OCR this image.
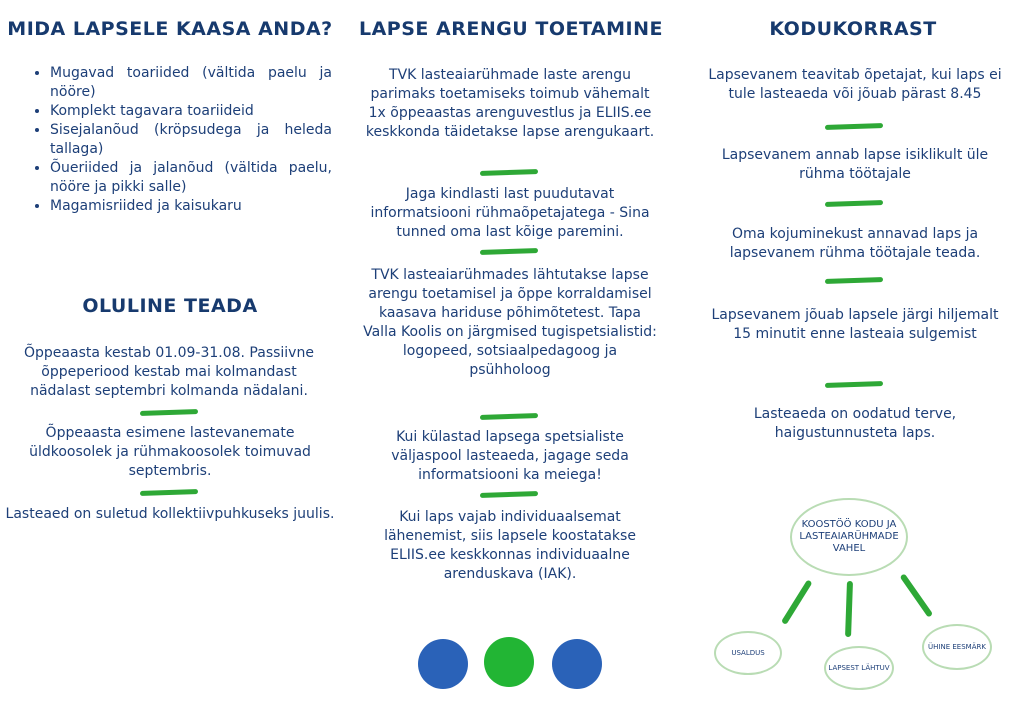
MIDA LAPSELE KAASA ANDA?
• Mugavad toariided (vältida paelu ja nööre)
• Komplekt tagavara toariideid
• Sisejalanõud (kröpsudega ja heleda tallaga)
• Õueriided ja jalanõud (vältida paelu, nööre ja pikki salle)
• Magamisriided ja kaisukaru
OLULINE TEADA

Õppeaasta kestab 01.09-31.08. Passiivne õppeperiood kestab mai kolmandast nädalast septembri kolmanda nädalani.

Õppeaasta esimene lastevanemate üldkoosolek ja rühmakoosolek toimuvad septembris.

Lasteaed on suletud kollektiivpuhkuseks juulis.

LAPSE ARENGU TOETAMINE

TVK lasteaiarühmade laste arengu parimaks toetamiseks toimub vähemalt 1x õppeaastas arenguvestlus ja ELIIS.ee keskkonda täidetakse lapse arengukaart.

Jaga kindlasti last puudutavat informatsiooni rühmaõpetajatega - Sina tunned oma last kõige paremini.

TVK lasteaiarühmades lähtutakse lapse arengu toetamisel ja õppe korraldamisel kaasava hariduse põhimõtetest. Tapa Valla Koolis on järgmised tugispetsialistid: logopeed, sotsiaalpedagoog ja psühholoog

Kui külastad lapsega spetsialiste väljaspool lasteaeda, jagage seda informatsiooni ka meiega!

Kui laps vajab individuaalsemat lähenemist, siis lapsele koostatakse ELIIS.ee keskkonnas individuaalne arenduskava (IAK).

KODUKORRAST

Lapsevanem teavitab õpetajat, kui laps ei tule lasteaeda või jõuab pärast 8.45

Lapsevanem annab lapse isiklikult üle rühma töötajale

Oma kojuminekust annavad laps ja lapsevanem rühma töötajale teada.

Lapsevanem jõuab lapsele järgi hiljemalt 15 minutit enne lasteaia sulgemist

Lasteaeda on oodatud terve, haigustunnusteta laps.

KOOSTÖÖ KODU JA LASTEAIARÜHMADE VAHEL
USALDUS
LAPSEST LÄHTUV
ÜHINE EESMÄRK
